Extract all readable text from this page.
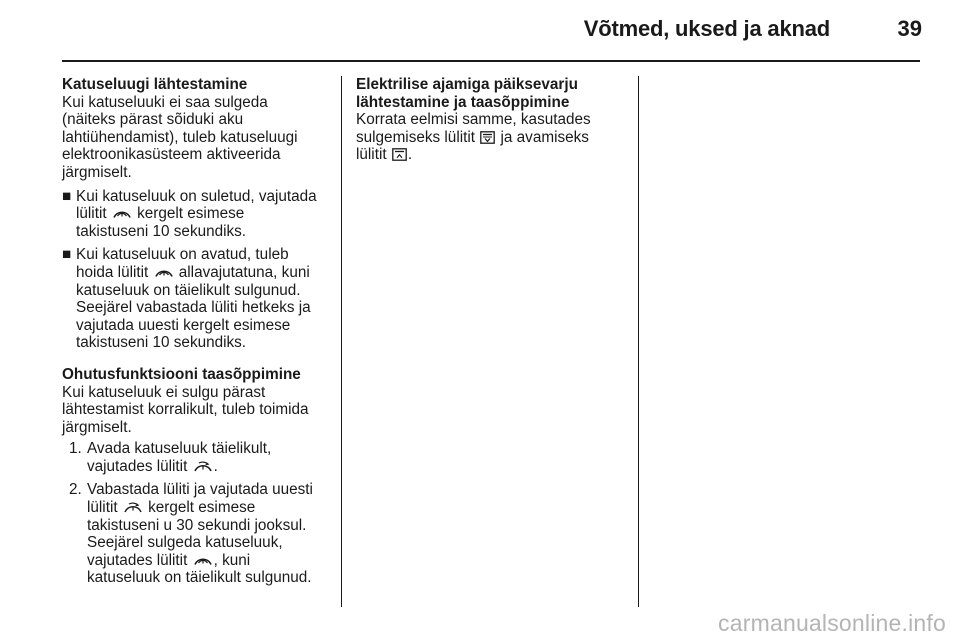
Võtmed, uksed ja aknad	39

Katuseluugi lähtestamine

Kui katuseluuki ei saa sulgeda

(näiteks pärast sõiduki aku

lahtiühendamist), tuleb katuseluugi

elektroonikasüsteem aktiveerida

järgmiselt.

■ Kui katuseluuk on suletud, vajutada

lülitit kergelt esimese

takistuseni 10 sekundiks.

■ Kui katuseluuk on avatud, tuleb

hoida lülitit allavajutatuna, kuni

katuseluuk on täielikult sulgunud.

Seejärel vabastada lüliti hetkeks ja

vajutada uuesti kergelt esimese

takistuseni 10 sekundiks.

Ohutusfunktsiooni taasõppimine

Kui katuseluuk ei sulgu pärast

lähtestamist korralikult, tuleb toimida

järgmiselt.

1. Avada katuseluuk täielikult,

vajutades lülitit .

2. Vabastada lüliti ja vajutada uuesti

lülitit kergelt esimese

takistuseni u 30 sekundi jooksul.

Seejärel sulgeda katuseluuk,

vajutades lülitit , kuni

katuseluuk on täielikult sulgunud.

Elektrilise ajamiga päiksevarju

lähtestamine ja taasõppimine

Korrata eelmisi samme, kasutades

sulgemiseks lülitit ja avamiseks

lülitit .

carmanualsonline.info
